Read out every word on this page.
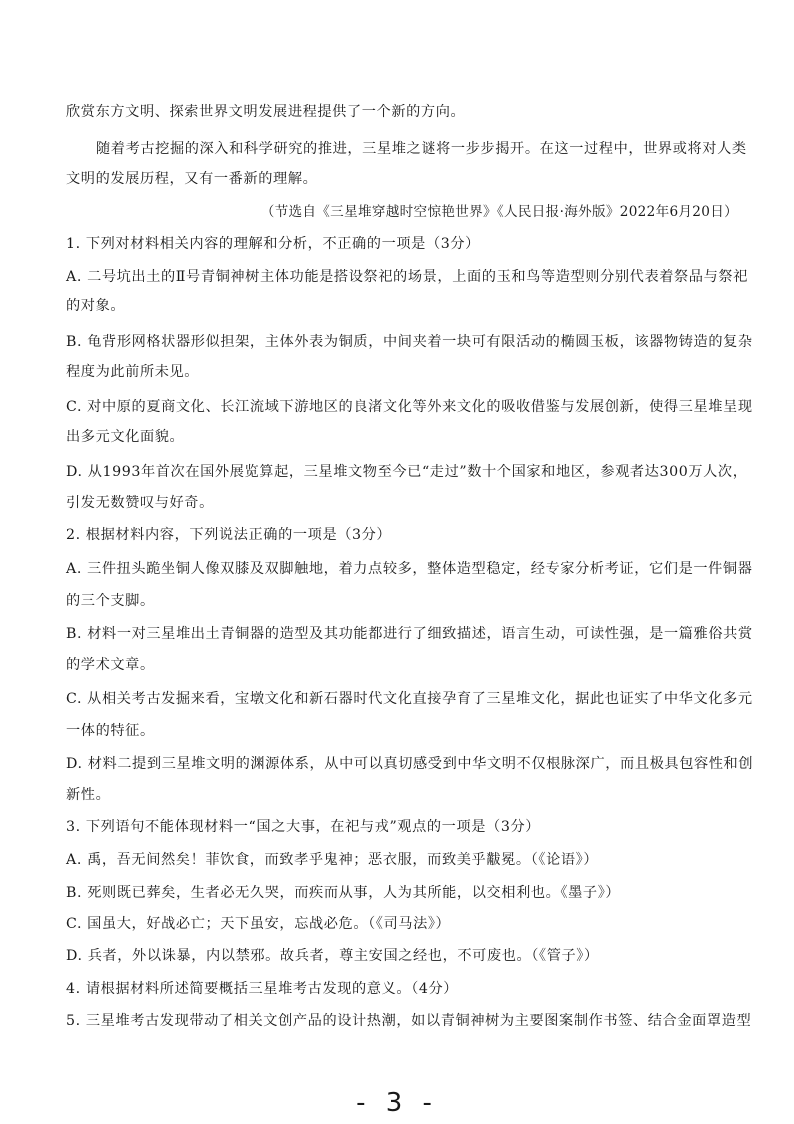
欣赏东方文明、探索世界文明发展进程提供了一个新的方向。
随着考古挖掘的深入和科学研究的推进，三星堆之谜将一步步揭开。在这一过程中，世界或将对人类
文明的发展历程，又有一番新的理解。
（节选自《三星堆穿越时空惊艳世界》《人民日报·海外版》2022年6月20日）
1. 下列对材料相关内容的理解和分析，不正确的一项是（3分）
A. 二号坑出土的Ⅱ号青铜神树主体功能是搭设祭祀的场景，上面的玉和鸟等造型则分别代表着祭品与祭祀
的对象。
B. 龟背形网格状器形似担架，主体外表为铜质，中间夹着一块可有限活动的椭圆玉板，该器物铸造的复杂
程度为此前所未见。
C. 对中原的夏商文化、长江流域下游地区的良渚文化等外来文化的吸收借鉴与发展创新，使得三星堆呈现
出多元文化面貌。
D. 从1993年首次在国外展览算起，三星堆文物至今已“走过”数十个国家和地区，参观者达300万人次，
引发无数赞叹与好奇。
2. 根据材料内容，下列说法正确的一项是（3分）
A. 三件扭头跪坐铜人像双膝及双脚触地，着力点较多，整体造型稳定，经专家分析考证，它们是一件铜器
的三个支脚。
B. 材料一对三星堆出土青铜器的造型及其功能都进行了细致描述，语言生动，可读性强，是一篇雅俗共赏
的学术文章。
C. 从相关考古发掘来看，宝墩文化和新石器时代文化直接孕育了三星堆文化，据此也证实了中华文化多元
一体的特征。
D. 材料二提到三星堆文明的渊源体系，从中可以真切感受到中华文明不仅根脉深广，而且极具包容性和创
新性。
3. 下列语句不能体现材料一“国之大事，在祀与戎”观点的一项是（3分）
A. 禹，吾无间然矣！菲饮食，而致孝乎鬼神；恶衣服，而致美乎黻冕。（《论语》）
B. 死则既已葬矣，生者必无久哭，而疾而从事，人为其所能，以交相利也。《墨子》）
C. 国虽大，好战必亡；天下虽安，忘战必危。（《司马法》）
D. 兵者，外以诛暴，内以禁邪。故兵者，尊主安国之经也，不可废也。（《管子》）
4. 请根据材料所述简要概括三星堆考古发现的意义。（4分）
5. 三星堆考古发现带动了相关文创产品的设计热潮，如以青铜神树为主要图案制作书签、结合金面罩造型
- 3 -
